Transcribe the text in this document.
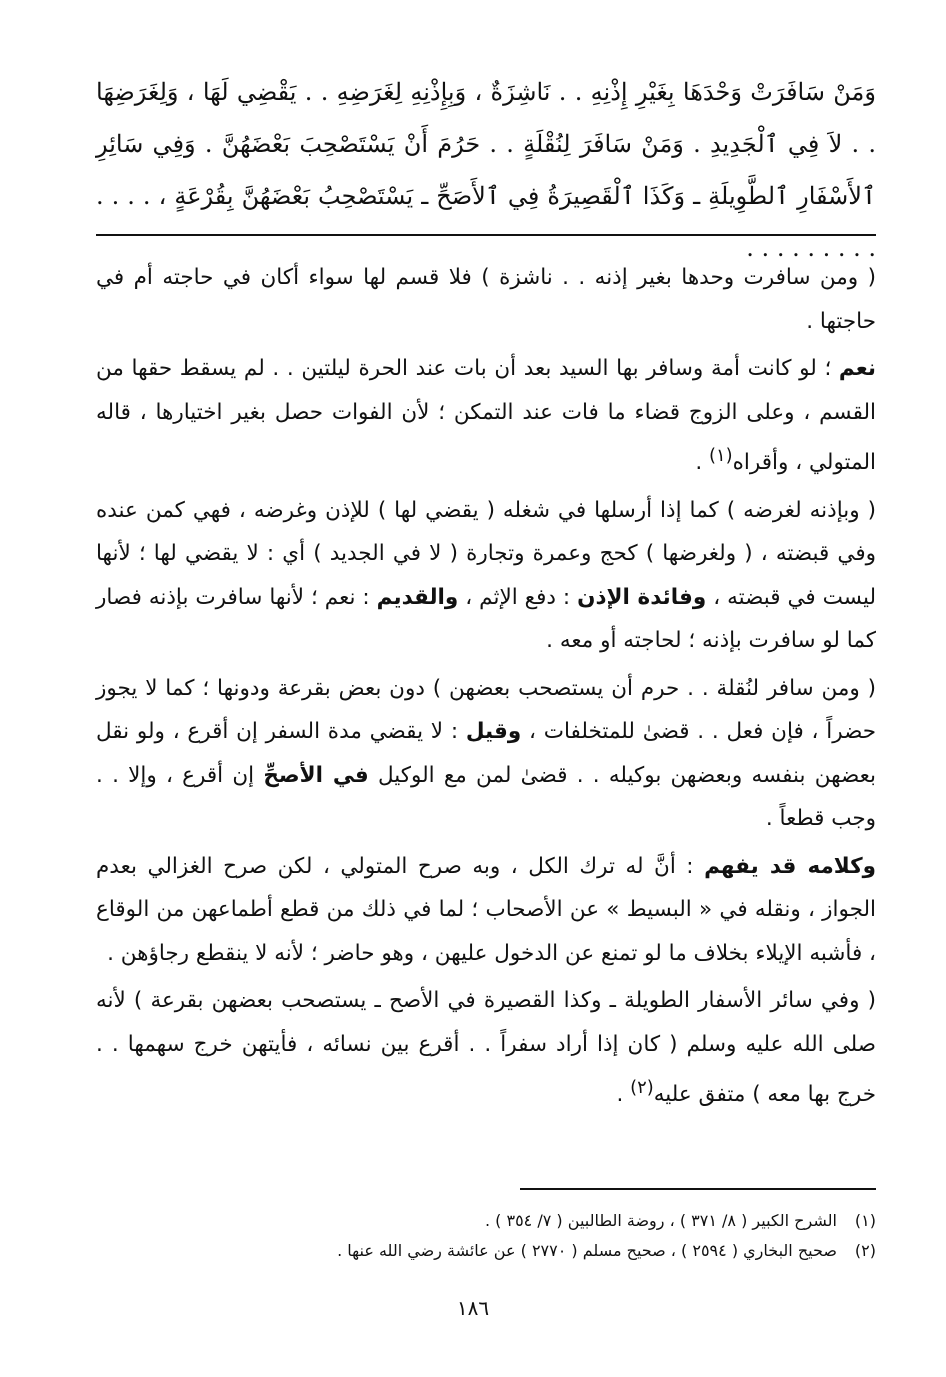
وَمَنْ سَافَرَتْ وَحْدَهَا بِغَيْرِ إِذْنِهِ . . نَاشِزَةٌ ، وَبِإِذْنِهِ لِغَرَضِهِ . . يَقْضِي لَهَا ، وَلِغَرَضِهَا . . لاَ فِي ٱلْجَدِيدِ . وَمَنْ سَافَرَ لِنُقْلَةٍ . . حَرُمَ أَنْ يَسْتَصْحِبَ بَعْضَهُنَّ . وَفِي سَائِرِ ٱلأَسْفَارِ ٱلطَّوِيلَةِ ـ وَكَذَا ٱلْقَصِيرَةُ فِي ٱلأَصَحِّ ـ يَسْتَصْحِبُ بَعْضَهُنَّ بِقُرْعَةٍ ، . . . . . . . . . . . . .

( ومن سافرت وحدها بغير إذنه . . ناشزة ) فلا قسم لها سواء أكان في حاجته أم في حاجتها .

نعم ؛ لو كانت أمة وسافر بها السيد بعد أن بات عند الحرة ليلتين . . لم يسقط حقها من القسم ، وعلى الزوج قضاء ما فات عند التمكن ؛ لأن الفوات حصل بغير اختيارها ، قاله المتولي ، وأقراه$^{(١)}$ .

( وبإذنه لغرضه ) كما إذا أرسلها في شغله ( يقضي لها ) للإذن وغرضه ، فهي كمن عنده وفي قبضته ، ( ولغرضها ) كحج وعمرة وتجارة ( لا في الجديد ) أي : لا يقضي لها ؛ لأنها ليست في قبضته ، وفائدة الإذن : دفع الإثم ، والقديم : نعم ؛ لأنها سافرت بإذنه فصار كما لو سافرت بإذنه ؛ لحاجته أو معه .

( ومن سافر لنُقلة . . حرم أن يستصحب بعضهن ) دون بعض بقرعة ودونها ؛ كما لا يجوز حضراً ، فإن فعل . . قضىٰ للمتخلفات ، وقيل : لا يقضي مدة السفر إن أقرع ، ولو نقل بعضهن بنفسه وبعضهن بوكيله . . قضىٰ لمن مع الوكيل في الأصحِّ إن أقرع ، وإلا . . وجب قطعاً .

وكلامه قد يفهم : أنَّ له ترك الكل ، وبه صرح المتولي ، لكن صرح الغزالي بعدم الجواز ، ونقله في « البسيط » عن الأصحاب ؛ لما في ذلك من قطع أطماعهن من الوقاع ، فأشبه الإيلاء بخلاف ما لو تمنع عن الدخول عليهن ، وهو حاضر ؛ لأنه لا ينقطع رجاؤهن .

( وفي سائر الأسفار الطويلة ـ وكذا القصيرة في الأصح ـ يستصحب بعضهن بقرعة ) لأنه صلى الله عليه وسلم ( كان إذا أراد سفراً . . أقرع بين نسائه ، فأيتهن خرج سهمها . . خرج بها معه ) متفق عليه$^{(٢)}$ .

(١) الشرح الكبير ( ٨/ ٣٧١ ) ، روضة الطالبين ( ٧/ ٣٥٤ ) .
(٢) صحيح البخاري ( ٢٥٩٤ ) ، صحيح مسلم ( ٢٧٧٠ ) عن عائشة رضي الله عنها .
١٨٦
